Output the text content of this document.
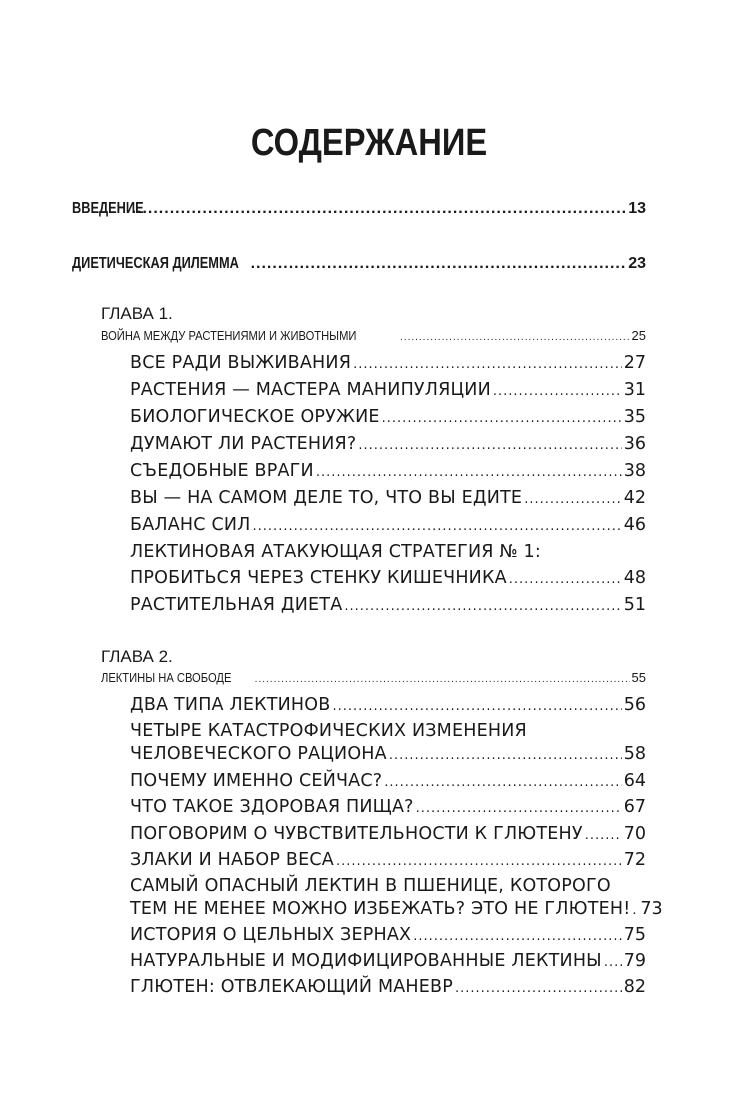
СОДЕРЖАНИЕ
ВВЕДЕНИЕ .....	13
ДИЕТИЧЕСКАЯ ДИЛЕММА .....	23
ГЛАВА 1.
ВОЙНА МЕЖДУ РАСТЕНИЯМИ И ЖИВОТНЫМИ .....	25
ВСЕ РАДИ ВЫЖИВАНИЯ .....	27
РАСТЕНИЯ — МАСТЕРА МАНИПУЛЯЦИИ .....	31
БИОЛОГИЧЕСКОЕ ОРУЖИЕ .....	35
ДУМАЮТ ЛИ РАСТЕНИЯ? .....	36
СЪЕДОБНЫЕ ВРАГИ .....	38
ВЫ — НА САМОМ ДЕЛЕ ТО, ЧТО ВЫ ЕДИТЕ .....	42
БАЛАНС СИЛ .....	46
ЛЕКТИНОВАЯ АТАКУЮЩАЯ СТРАТЕГИЯ № 1:
ПРОБИТЬСЯ ЧЕРЕЗ СТЕНКУ КИШЕЧНИКА .....	48
РАСТИТЕЛЬНАЯ ДИЕТА .....	51
ГЛАВА 2.
ЛЕКТИНЫ НА СВОБОДЕ .....	55
ДВА ТИПА ЛЕКТИНОВ .....	56
ЧЕТЫРЕ КАТАСТРОФИЧЕСКИХ ИЗМЕНЕНИЯ
ЧЕЛОВЕЧЕСКОГО РАЦИОНА .....	58
ПОЧЕМУ ИМЕННО СЕЙЧАС? .....	64
ЧТО ТАКОЕ ЗДОРОВАЯ ПИЩА? .....	67
ПОГОВОРИМ О ЧУВСТВИТЕЛЬНОСТИ К ГЛЮТЕНУ ..... 70
ЗЛАКИ И НАБОР ВЕСА .....	72
САМЫЙ ОПАСНЫЙ ЛЕКТИН В ПШЕНИЦЕ, КОТОРОГО
ТЕМ НЕ МЕНЕЕ МОЖНО ИЗБЕЖАТЬ? ЭТО НЕ ГЛЮТЕН! ..... 73
ИСТОРИЯ О ЦЕЛЬНЫХ ЗЕРНАХ .....	75
НАТУРАЛЬНЫЕ И МОДИФИЦИРОВАННЫЕ ЛЕКТИНЫ ..... 79
ГЛЮТЕН: ОТВЛЕКАЮЩИЙ МАНЕВР .....	82
